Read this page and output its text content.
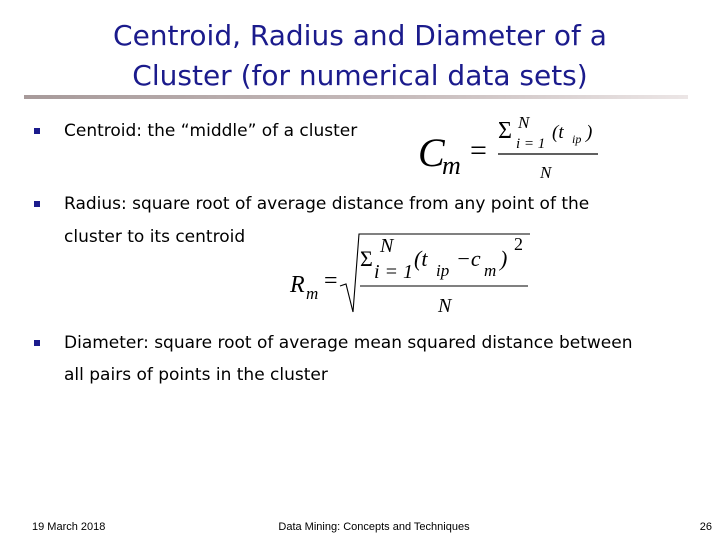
Centroid, Radius and Diameter of a
Cluster (for numerical data sets)
Centroid: the “middle” of a cluster C
m =
Σ N
i = 1
(t ip )
N
Radius: square root of average distance from any point of the
cluster to its centroid
R m =
Σ N
i = 1
(t ip −c m )
2
N
Diameter: square root of average mean squared distance between
all pairs of points in the cluster
19 March 2018	Data Mining: Concepts and Techniques	26
